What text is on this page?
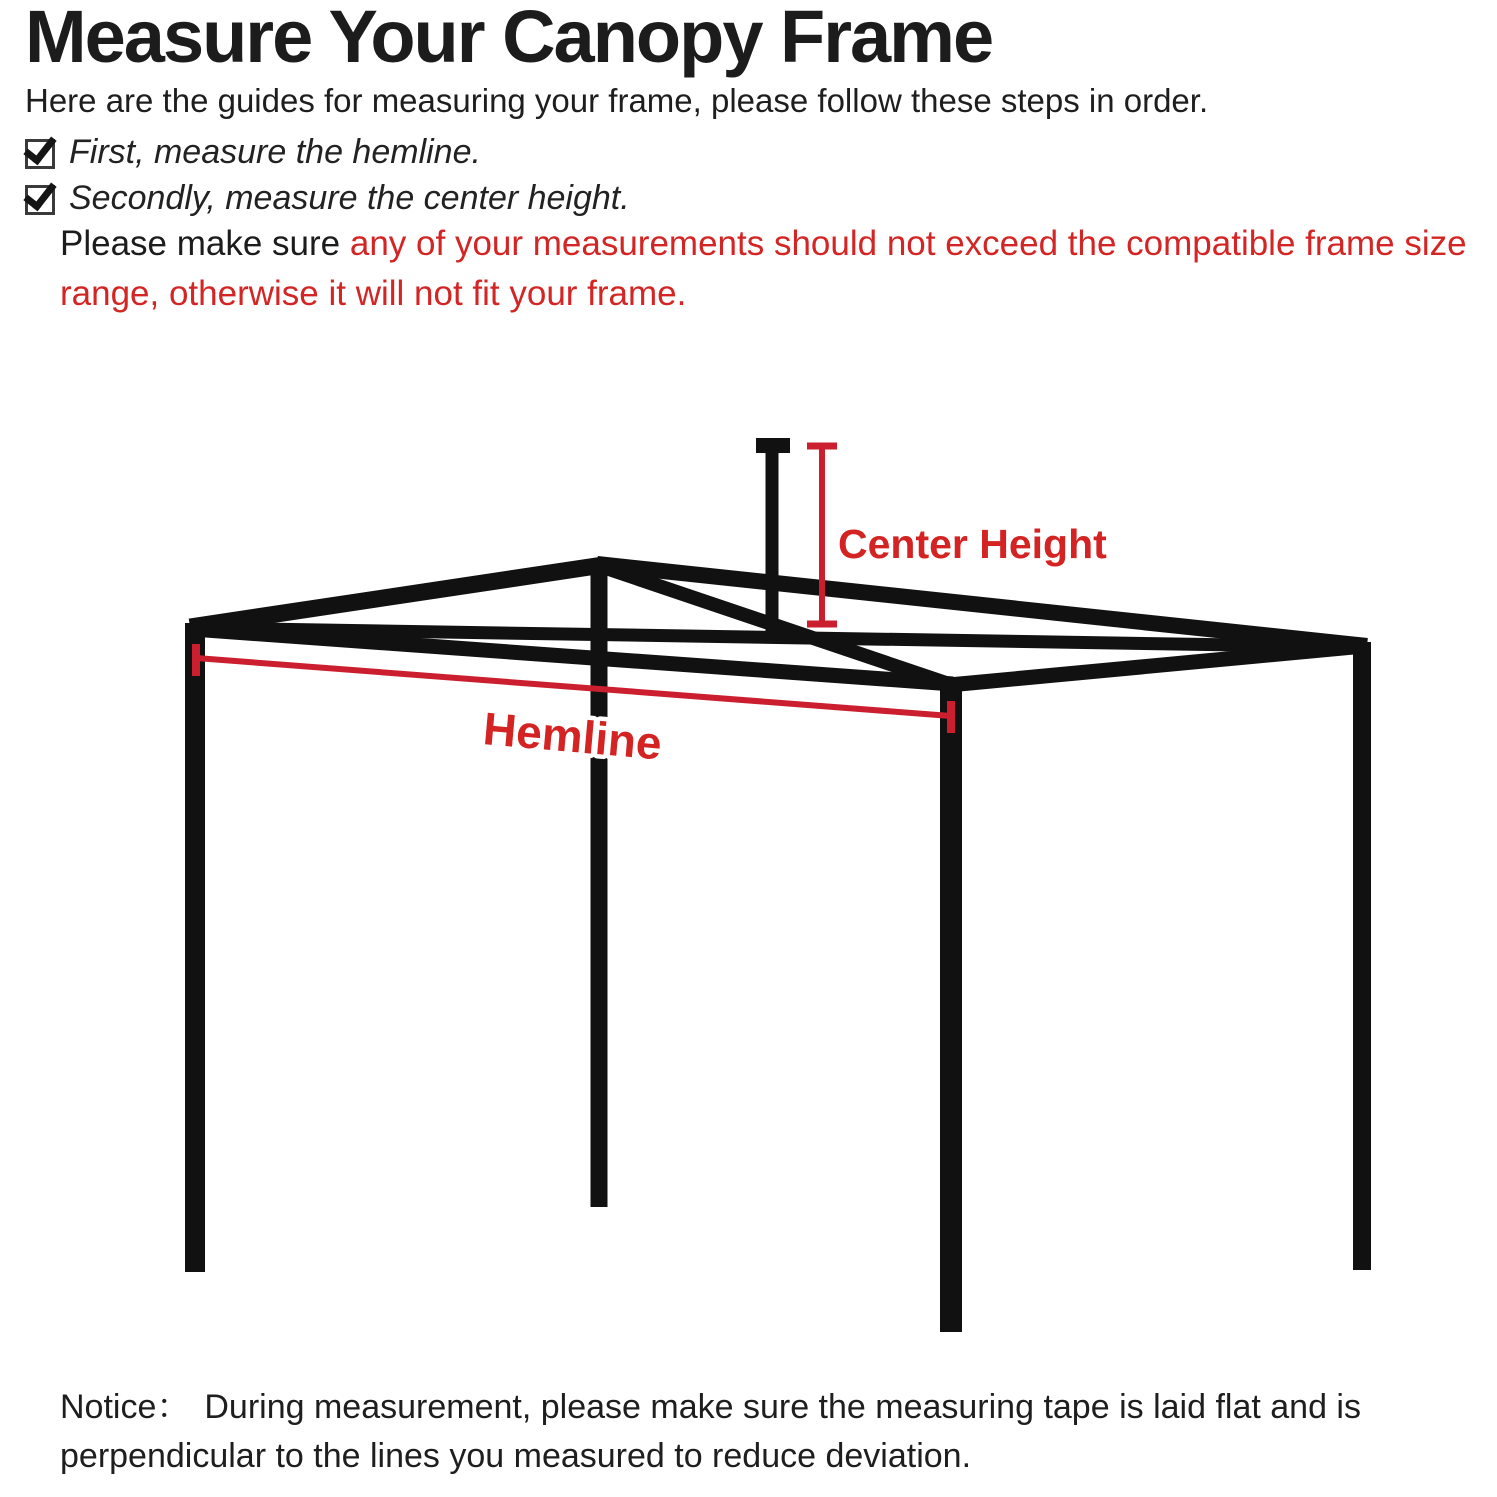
Measure Your Canopy Frame

Here are the guides for measuring your frame, please follow these steps in order.

First, measure the hemline.
Secondly, measure the center height.

Please make sure any of your measurements should not exceed the compatible frame size range, otherwise it will not fit your frame.

Center Height
Hemline

Notice： During measurement, please make sure the measuring tape is laid flat and is perpendicular to the lines you measured to reduce deviation.
